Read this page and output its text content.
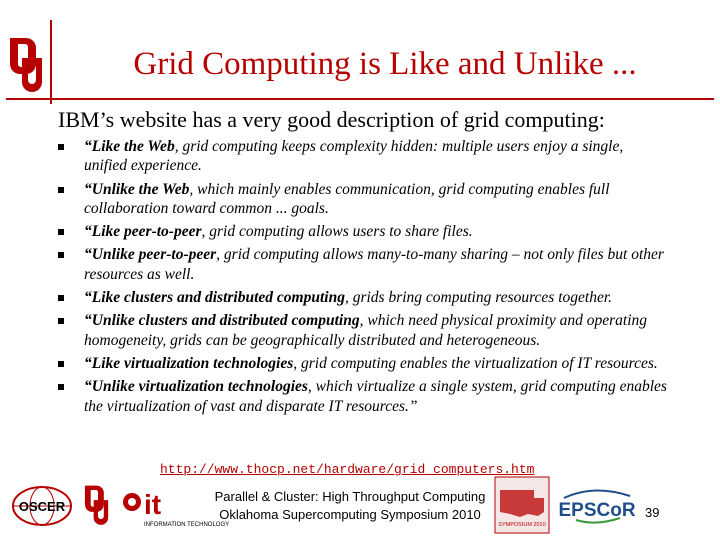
Grid Computing is Like and Unlike ...
IBM’s website has a very good description of grid computing:
“Like the Web, grid computing keeps complexity hidden: multiple users enjoy a single, unified experience.
“Unlike the Web, which mainly enables communication, grid computing enables full collaboration toward common ... goals.
“Like peer-to-peer, grid computing allows users to share files.
“Unlike peer-to-peer, grid computing allows many-to-many sharing – not only files but other resources as well.
“Like clusters and distributed computing, grids bring computing resources together.
“Unlike clusters and distributed computing, which need physical proximity and operating homogeneity, grids can be geographically distributed and heterogeneous.
“Like virtualization technologies, grid computing enables the virtualization of IT resources.
“Unlike virtualization technologies, which virtualize a single system, grid computing enables the virtualization of vast and disparate IT resources.”
http://www.thocp.net/hardware/grid_computers.htm
OSCER	it
INFORMATION TECHNOLOGY
Parallel & Cluster: High Throughput Computing
Oklahoma Supercomputing Symposium 2010
SYMPOSIUM 2010
EPSCoR 39
